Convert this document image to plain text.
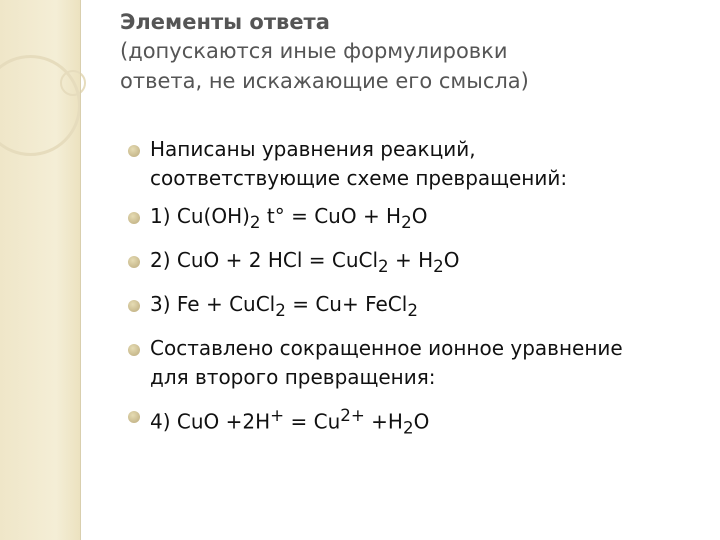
Элементы ответа
(допускаются иные формулировки
ответа, не искажающие его смысла)
Написаны уравнения реакций,
соответствующие схеме превращений:
1) $Cu(OH)_2$ t° = CuO + $H_2O$
2) CuO + 2 HCl = CuCl$_2$ + $H_2O$
3) Fe + CuCl$_2$ = Cu+ FeCl$_2$
Составлено сокращенное ионное уравнение
для второго превращения:
4) CuO $+2H^+ = Cu^{2+} +H_2O$
